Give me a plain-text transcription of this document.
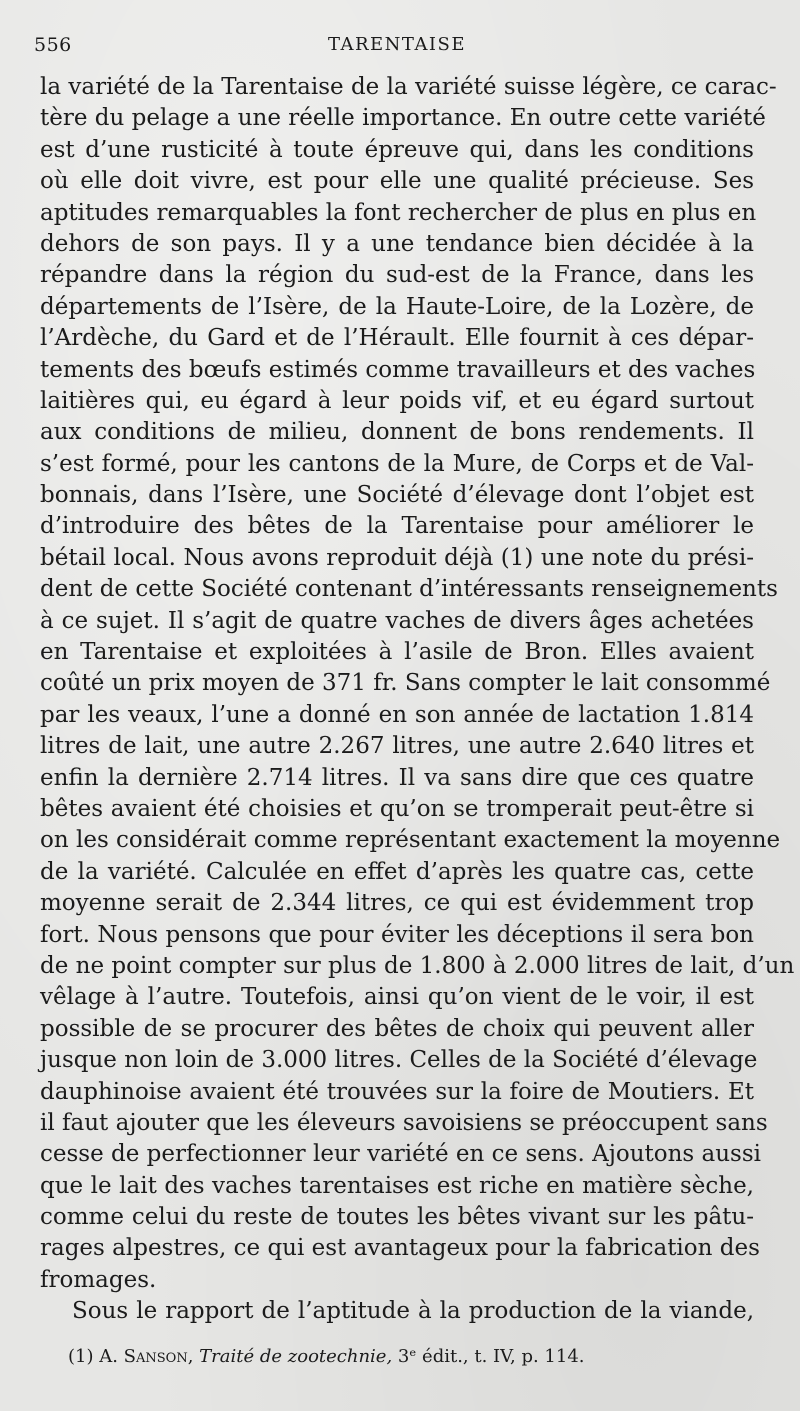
556	TARENTAISE
la variété de la Tarentaise de la variété suisse légère, ce carac-
tère du pelage a une réelle importance. En outre cette variété
est d’une rusticité à toute épreuve qui, dans les conditions
où elle doit vivre, est pour elle une qualité précieuse. Ses
aptitudes remarquables la font rechercher de plus en plus en
dehors de son pays. Il y a une tendance bien décidée à la
répandre dans la région du sud-est de la France, dans les
départements de l’Isère, de la Haute-Loire, de la Lozère, de
l’Ardèche, du Gard et de l’Hérault. Elle fournit à ces dépar-
tements des bœufs estimés comme travailleurs et des vaches
laitières qui, eu égard à leur poids vif, et eu égard surtout
aux conditions de milieu, donnent de bons rendements. Il
s’est formé, pour les cantons de la Mure, de Corps et de Val-
bonnais, dans l’Isère, une Société d’élevage dont l’objet est
d’introduire des bêtes de la Tarentaise pour améliorer le
bétail local. Nous avons reproduit déjà (1) une note du prési-
dent de cette Société contenant d’intéressants renseignements
à ce sujet. Il s’agit de quatre vaches de divers âges achetées
en Tarentaise et exploitées à l’asile de Bron. Elles avaient
coûté un prix moyen de 371 fr. Sans compter le lait consommé
par les veaux, l’une a donné en son année de lactation 1.814
litres de lait, une autre 2.267 litres, une autre 2.640 litres et
enfin la dernière 2.714 litres. Il va sans dire que ces quatre
bêtes avaient été choisies et qu’on se tromperait peut-être si
on les considérait comme représentant exactement la moyenne
de la variété. Calculée en effet d’après les quatre cas, cette
moyenne serait de 2.344 litres, ce qui est évidemment trop
fort. Nous pensons que pour éviter les déceptions il sera bon
de ne point compter sur plus de 1.800 à 2.000 litres de lait, d’un
vêlage à l’autre. Toutefois, ainsi qu’on vient de le voir, il est
possible de se procurer des bêtes de choix qui peuvent aller
jusque non loin de 3.000 litres. Celles de la Société d’élevage
dauphinoise avaient été trouvées sur la foire de Moutiers. Et
il faut ajouter que les éleveurs savoisiens se préoccupent sans
cesse de perfectionner leur variété en ce sens. Ajoutons aussi
que le lait des vaches tarentaises est riche en matière sèche,
comme celui du reste de toutes les bêtes vivant sur les pâtu-
rages alpestres, ce qui est avantageux pour la fabrication des
fromages.
Sous le rapport de l’aptitude à la production de la viande,
(1) A. Sanson, Traité de zootechnie, 3ᵉ édit., t. IV, p. 114.
